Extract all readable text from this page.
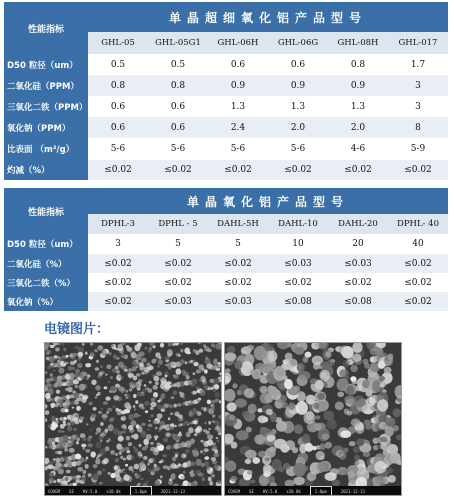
性能指标	单晶超细氧化铝产品型号					
	GHL-05	GHL-05G1	GHL-06H	GHL-06G	GHL-08H	GHL-017
D50 粒径（um）	0.5	0.5	0.6	0.6	0.8	1.7
二氧化硅（PPM）	0.8	0.8	0.9	0.9	0.9	3
三氧化二铁（PPM）	0.6	0.6	1.3	1.3	1.3	3
氧化钠（PPM）	0.6	0.6	2.4	2.0	2.0	8
比表面 （m²/g）	5-6	5-6	5-6	5-6	4-6	5-9
灼减（%）	≤0.02	≤0.02	≤0.02	≤0.02	≤0.02	≤0.02
性能指标	单晶氧化铝产品型号					
	DPHL-3	DPHL - 5	DAHL-5H	DAHL-10	DAHL-20	DPHL- 40
D50 粒径（um）	3	5	5	10	20	40
二氧化硅（%）	≤0.02	≤0.02	≤0.02	≤0.03	≤0.03	≤0.02
三氧化二铁（%）	≤0.02	≤0.02	≤0.02	≤0.02	≤0.02	≤0.02
氧化钠（%）	≤0.02	≤0.03	≤0.03	≤0.08	≤0.08	≤0.02
电镜图片：
COXEM SE HV:5.0 x10.0k	1.0μm	2021-12-13	COXEM SE HV:5.0 x20.0k	1.0μm	2021-12-13
